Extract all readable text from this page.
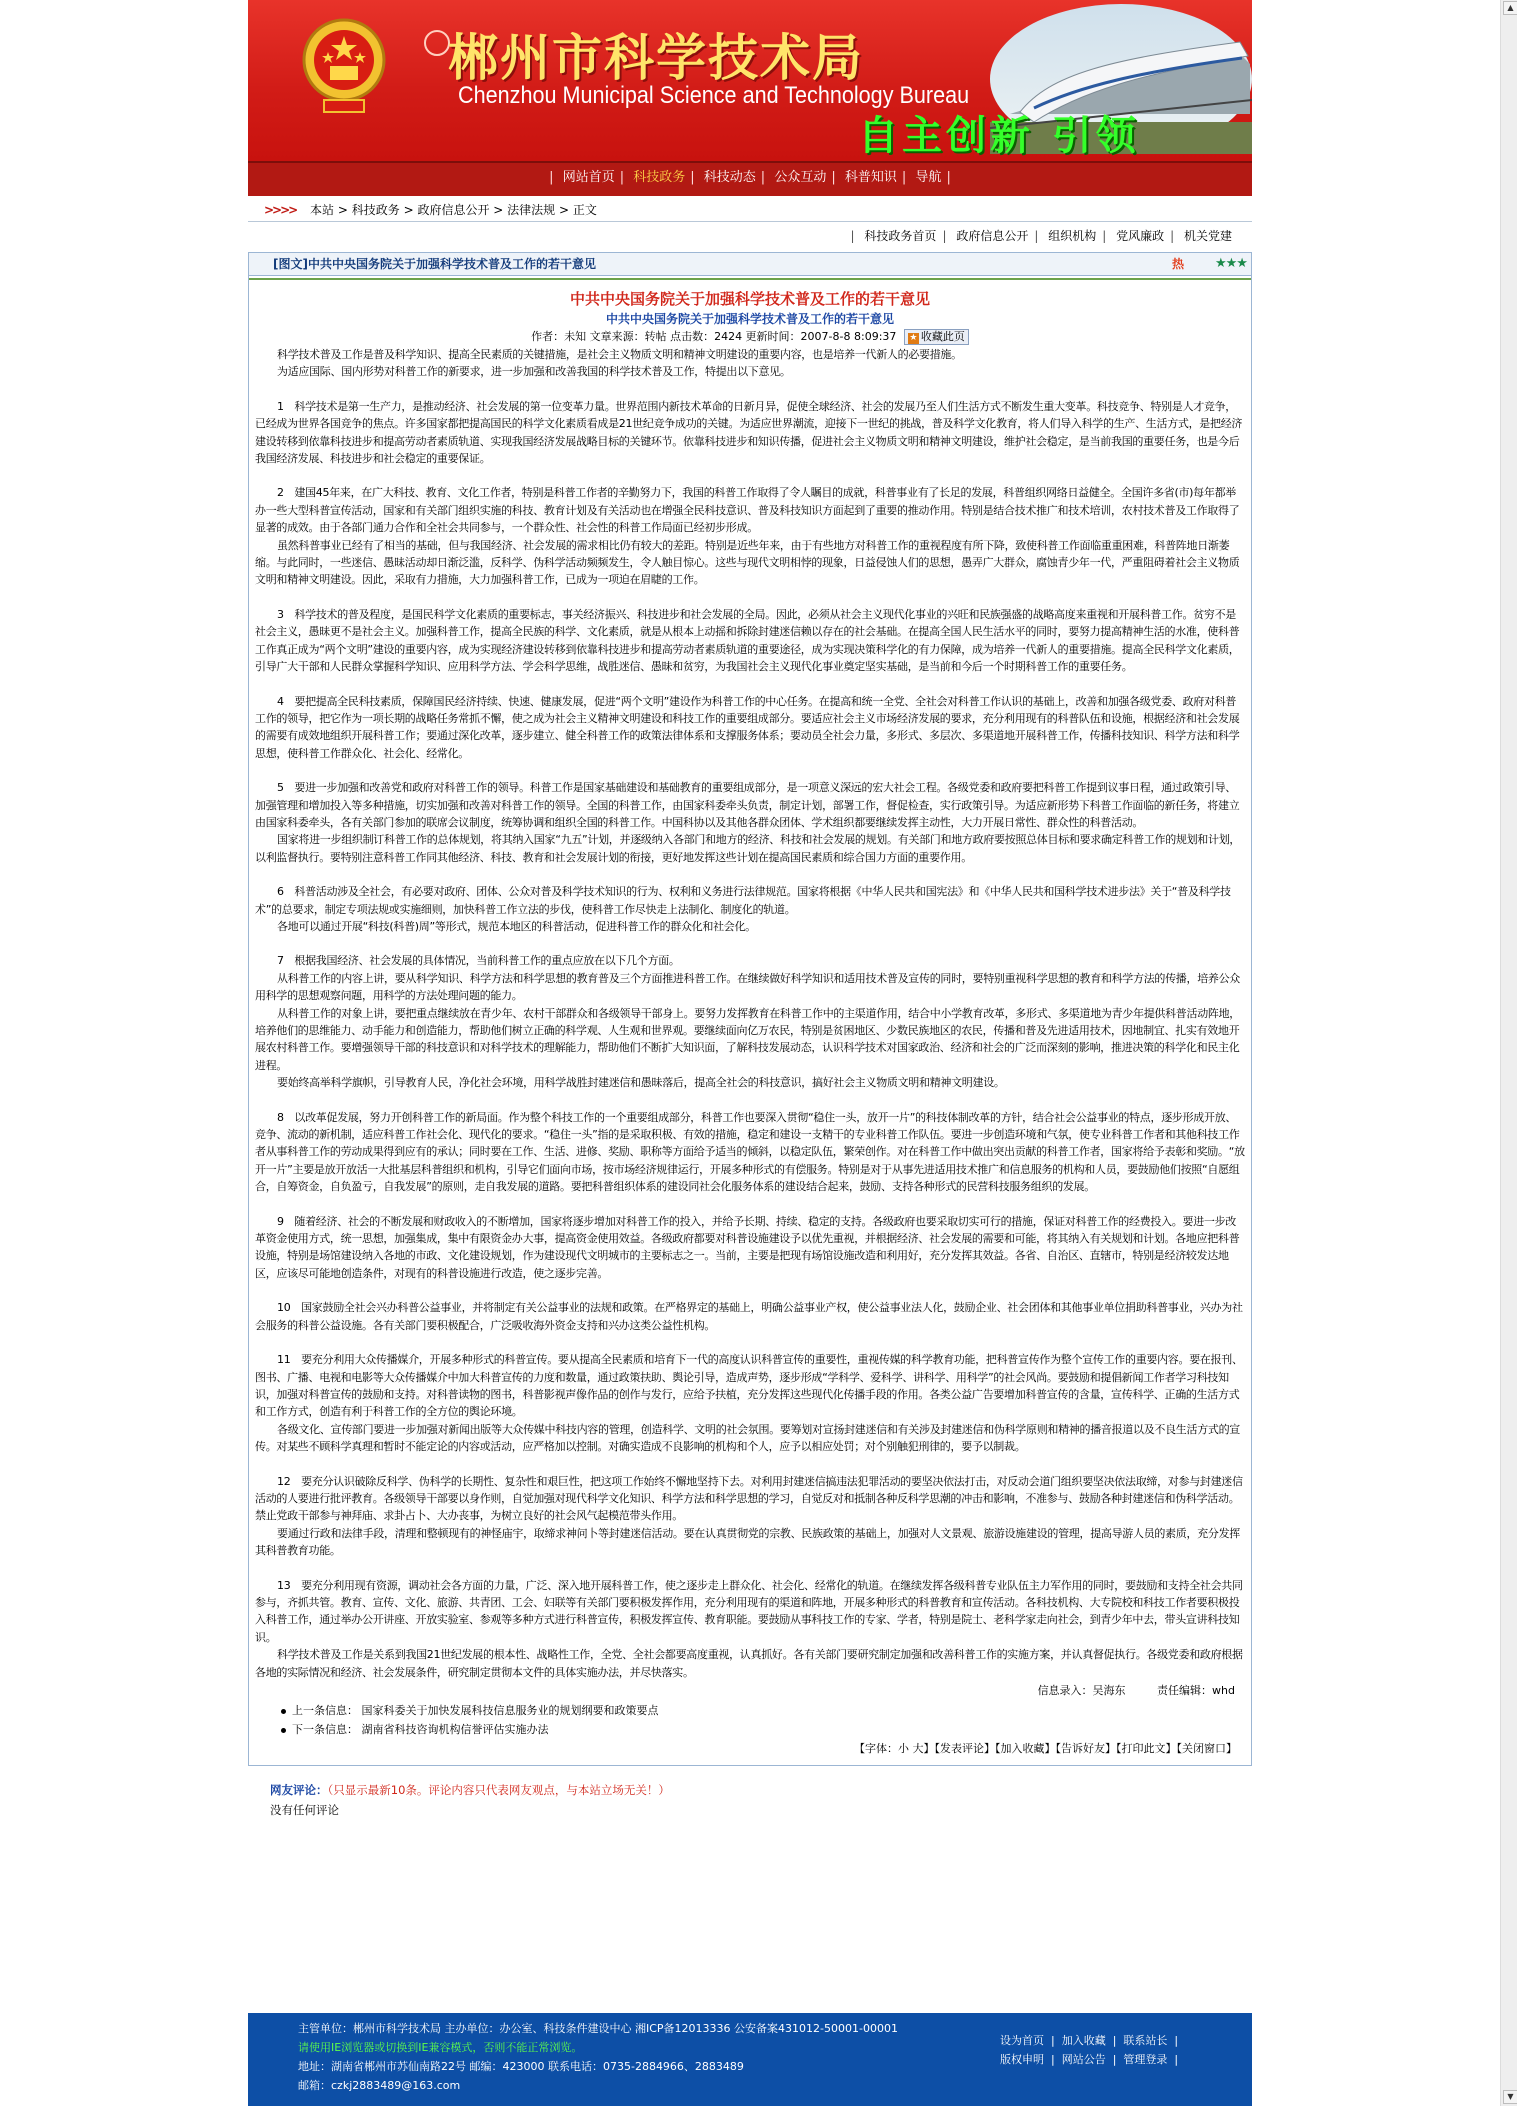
郴州市科学技术局
Chenzhou Municipal Science and Technology Bureau
自主创新 引领
| 网站首页 | 科技政务 | 科技动态 | 公众互动 | 科普知识 | 导航 |
>>>> 本站 > 科技政务 > 政府信息公开 > 法律法规 > 正文
| 科技政务首页 | 政府信息公开 | 组织机构 | 党风廉政 | 机关党建
[图文]中共中央国务院关于加强科学技术普及工作的若干意见	热 ★★★
中共中央国务院关于加强科学技术普及工作的若干意见
中共中央国务院关于加强科学技术普及工作的若干意见
作者：未知 文章来源：转帖 点击数：2424 更新时间：2007-8-8 8:09:37 ★ 收藏此页

科学技术普及工作是普及科学知识、提高全民素质的关键措施，是社会主义物质文明和精神文明建设的重要内容，也是培养一代新人的必要措施。

为适应国际、国内形势对科普工作的新要求，进一步加强和改善我国的科学技术普及工作，特提出以下意见。

1　科学技术是第一生产力，是推动经济、社会发展的第一位变革力量。世界范围内新技术革命的日新月异，促使全球经济、社会的发展乃至人们生活方式不断发生重大变革。科技竞争、特别是人才竞争，已经成为世界各国竞争的焦点。许多国家都把提高国民的科学文化素质看成是21世纪竞争成功的关键。为适应世界潮流，迎接下一世纪的挑战，普及科学文化教育，将人们导入科学的生产、生活方式，是把经济建设转移到依靠科技进步和提高劳动者素质轨道、实现我国经济发展战略目标的关键环节。依靠科技进步和知识传播，促进社会主义物质文明和精神文明建设，维护社会稳定，是当前我国的重要任务，也是今后我国经济发展、科技进步和社会稳定的重要保证。

2　建国45年来，在广大科技、教育、文化工作者，特别是科普工作者的辛勤努力下，我国的科普工作取得了令人瞩目的成就，科普事业有了长足的发展，科普组织网络日益健全。全国许多省(市)每年都举办一些大型科普宣传活动，国家和有关部门组织实施的科技、教育计划及有关活动也在增强全民科技意识、普及科技知识方面起到了重要的推动作用。特别是结合技术推广和技术培训，农村技术普及工作取得了显著的成效。由于各部门通力合作和全社会共同参与，一个群众性、社会性的科普工作局面已经初步形成。

虽然科普事业已经有了相当的基础，但与我国经济、社会发展的需求相比仍有较大的差距。特别是近些年来，由于有些地方对科普工作的重视程度有所下降，致使科普工作面临重重困难，科普阵地日渐萎缩。与此同时，一些迷信、愚昧活动却日渐泛滥，反科学、伪科学活动频频发生，令人触目惊心。这些与现代文明相悖的现象，日益侵蚀人们的思想，愚弄广大群众，腐蚀青少年一代，严重阻碍着社会主义物质文明和精神文明建设。因此，采取有力措施，大力加强科普工作，已成为一项迫在眉睫的工作。

3　科学技术的普及程度，是国民科学文化素质的重要标志，事关经济振兴、科技进步和社会发展的全局。因此，必须从社会主义现代化事业的兴旺和民族强盛的战略高度来重视和开展科普工作。贫穷不是社会主义，愚昧更不是社会主义。加强科普工作，提高全民族的科学、文化素质，就是从根本上动摇和拆除封建迷信赖以存在的社会基础。在提高全国人民生活水平的同时，要努力提高精神生活的水准，使科普工作真正成为“两个文明”建设的重要内容，成为实现经济建设转移到依靠科技进步和提高劳动者素质轨道的重要途径，成为实现决策科学化的有力保障，成为培养一代新人的重要措施。提高全民科学文化素质，引导广大干部和人民群众掌握科学知识、应用科学方法、学会科学思维，战胜迷信、愚昧和贫穷，为我国社会主义现代化事业奠定坚实基础，是当前和今后一个时期科普工作的重要任务。

4　要把提高全民科技素质，保障国民经济持续、快速、健康发展，促进“两个文明”建设作为科普工作的中心任务。在提高和统一全党、全社会对科普工作认识的基础上，改善和加强各级党委、政府对科普工作的领导，把它作为一项长期的战略任务常抓不懈，使之成为社会主义精神文明建设和科技工作的重要组成部分。要适应社会主义市场经济发展的要求，充分利用现有的科普队伍和设施，根据经济和社会发展的需要有成效地组织开展科普工作；要通过深化改革，逐步建立、健全科普工作的政策法律体系和支撑服务体系；要动员全社会力量，多形式、多层次、多渠道地开展科普工作，传播科技知识、科学方法和科学思想，使科普工作群众化、社会化、经常化。

5　要进一步加强和改善党和政府对科普工作的领导。科普工作是国家基础建设和基础教育的重要组成部分，是一项意义深远的宏大社会工程。各级党委和政府要把科普工作提到议事日程，通过政策引导、加强管理和增加投入等多种措施，切实加强和改善对科普工作的领导。全国的科普工作，由国家科委牵头负责，制定计划，部署工作，督促检查，实行政策引导。为适应新形势下科普工作面临的新任务，将建立由国家科委牵头，各有关部门参加的联席会议制度，统筹协调和组织全国的科普工作。中国科协以及其他各群众团体、学术组织都要继续发挥主动性，大力开展日常性、群众性的科普活动。

国家将进一步组织制订科普工作的总体规划，将其纳入国家“九五”计划，并逐级纳入各部门和地方的经济、科技和社会发展的规划。有关部门和地方政府要按照总体目标和要求确定科普工作的规划和计划，以利监督执行。要特别注意科普工作同其他经济、科技、教育和社会发展计划的衔接，更好地发挥这些计划在提高国民素质和综合国力方面的重要作用。

6　科普活动涉及全社会，有必要对政府、团体、公众对普及科学技术知识的行为、权利和义务进行法律规范。国家将根据《中华人民共和国宪法》和《中华人民共和国科学技术进步法》关于“普及科学技术”的总要求，制定专项法规或实施细则，加快科普工作立法的步伐，使科普工作尽快走上法制化、制度化的轨道。

各地可以通过开展“科技(科普)周”等形式，规范本地区的科普活动，促进科普工作的群众化和社会化。

7　根据我国经济、社会发展的具体情况，当前科普工作的重点应放在以下几个方面。

从科普工作的内容上讲，要从科学知识、科学方法和科学思想的教育普及三个方面推进科普工作。在继续做好科学知识和适用技术普及宣传的同时，要特别重视科学思想的教育和科学方法的传播，培养公众用科学的思想观察问题，用科学的方法处理问题的能力。

从科普工作的对象上讲，要把重点继续放在青少年、农村干部群众和各级领导干部身上。要努力发挥教育在科普工作中的主渠道作用，结合中小学教育改革，多形式、多渠道地为青少年提供科普活动阵地，培养他们的思维能力、动手能力和创造能力，帮助他们树立正确的科学观、人生观和世界观。要继续面向亿万农民，特别是贫困地区、少数民族地区的农民，传播和普及先进适用技术，因地制宜、扎实有效地开展农村科普工作。要增强领导干部的科技意识和对科学技术的理解能力，帮助他们不断扩大知识面，了解科技发展动态，认识科学技术对国家政治、经济和社会的广泛而深刻的影响，推进决策的科学化和民主化进程。

要始终高举科学旗帜，引导教育人民，净化社会环境，用科学战胜封建迷信和愚昧落后，提高全社会的科技意识，搞好社会主义物质文明和精神文明建设。

8　以改革促发展，努力开创科普工作的新局面。作为整个科技工作的一个重要组成部分，科普工作也要深入贯彻“稳住一头，放开一片”的科技体制改革的方针，结合社会公益事业的特点，逐步形成开放、竞争、流动的新机制，适应科普工作社会化、现代化的要求。“稳住一头”指的是采取积极、有效的措施，稳定和建设一支精干的专业科普工作队伍。要进一步创造环境和气氛，使专业科普工作者和其他科技工作者从事科普工作的劳动成果得到应有的承认；同时要在工作、生活、进修、奖励、职称等方面给予适当的倾斜，以稳定队伍，繁荣创作。对在科普工作中做出突出贡献的科普工作者，国家将给予表彰和奖励。“放开一片”主要是放开放活一大批基层科普组织和机构，引导它们面向市场，按市场经济规律运行，开展多种形式的有偿服务。特别是对于从事先进适用技术推广和信息服务的机构和人员，要鼓励他们按照“自愿组合，自筹资金，自负盈亏，自我发展”的原则，走自我发展的道路。要把科普组织体系的建设同社会化服务体系的建设结合起来，鼓励、支持各种形式的民营科技服务组织的发展。

9　随着经济、社会的不断发展和财政收入的不断增加，国家将逐步增加对科普工作的投入，并给予长期、持续、稳定的支持。各级政府也要采取切实可行的措施，保证对科普工作的经费投入。要进一步改革资金使用方式，统一思想，加强集成，集中有限资金办大事，提高资金使用效益。各级政府都要对科普设施建设予以优先重视，并根据经济、社会发展的需要和可能，将其纳入有关规划和计划。各地应把科普设施，特别是场馆建设纳入各地的市政、文化建设规划，作为建设现代文明城市的主要标志之一。当前，主要是把现有场馆设施改造和利用好，充分发挥其效益。各省、自治区、直辖市，特别是经济较发达地区，应该尽可能地创造条件，对现有的科普设施进行改造，使之逐步完善。

10　国家鼓励全社会兴办科普公益事业，并将制定有关公益事业的法规和政策。在严格界定的基础上，明确公益事业产权，使公益事业法人化，鼓励企业、社会团体和其他事业单位捐助科普事业，兴办为社会服务的科普公益设施。各有关部门要积极配合，广泛吸收海外资金支持和兴办这类公益性机构。

11　要充分利用大众传播媒介，开展多种形式的科普宣传。要从提高全民素质和培育下一代的高度认识科普宣传的重要性，重视传媒的科学教育功能，把科普宣传作为整个宣传工作的重要内容。要在报刊、图书、广播、电视和电影等大众传播媒介中加大科普宣传的力度和数量，通过政策扶助、舆论引导，造成声势，逐步形成“学科学、爱科学、讲科学、用科学”的社会风尚。要鼓励和提倡新闻工作者学习科技知识，加强对科普宣传的鼓励和支持。对科普读物的图书，科普影视声像作品的创作与发行，应给予扶植，充分发挥这些现代化传播手段的作用。各类公益广告要增加科普宣传的含量，宣传科学、正确的生活方式和工作方式，创造有利于科普工作的全方位的舆论环境。

各级文化、宣传部门要进一步加强对新闻出版等大众传媒中科技内容的管理，创造科学、文明的社会氛围。要筹划对宣扬封建迷信和有关涉及封建迷信和伪科学原则和精神的播音报道以及不良生活方式的宣传。对某些不顾科学真理和暂时不能定论的内容或活动，应严格加以控制。对确实造成不良影响的机构和个人，应予以相应处罚；对个别触犯刑律的，要予以制裁。

12　要充分认识破除反科学、伪科学的长期性、复杂性和艰巨性，把这项工作始终不懈地坚持下去。对利用封建迷信搞违法犯罪活动的要坚决依法打击，对反动会道门组织要坚决依法取缔，对参与封建迷信活动的人要进行批评教育。各级领导干部要以身作则，自觉加强对现代科学文化知识、科学方法和科学思想的学习，自觉反对和抵制各种反科学思潮的冲击和影响，不准参与、鼓励各种封建迷信和伪科学活动。禁止党政干部参与神拜庙、求卦占卜、大办丧事，为树立良好的社会风气起模范带头作用。

要通过行政和法律手段，清理和整顿现有的神怪庙宇，取缔求神问卜等封建迷信活动。要在认真贯彻党的宗教、民族政策的基础上，加强对人文景观、旅游设施建设的管理，提高导游人员的素质，充分发挥其科普教育功能。

13　要充分利用现有资源，调动社会各方面的力量，广泛、深入地开展科普工作，使之逐步走上群众化、社会化、经常化的轨道。在继续发挥各级科普专业队伍主力军作用的同时，要鼓励和支持全社会共同参与，齐抓共管。教育、宣传、文化、旅游、共青团、工会、妇联等有关部门要积极发挥作用，充分利用现有的渠道和阵地，开展多种形式的科普教育和宣传活动。各科技机构、大专院校和科技工作者要积极投入科普工作，通过举办公开讲座、开放实验室、参观等多种方式进行科普宣传，积极发挥宣传、教育职能。要鼓励从事科技工作的专家、学者，特别是院士、老科学家走向社会，到青少年中去，带头宣讲科技知识。

科学技术普及工作是关系到我国21世纪发展的根本性、战略性工作，全党、全社会都要高度重视，认真抓好。各有关部门要研究制定加强和改善科普工作的实施方案，并认真督促执行。各级党委和政府根据各地的实际情况和经济、社会发展条件，研究制定贯彻本文件的具体实施办法，并尽快落实。

信息录入：吴海东	责任编辑：whd
上一条信息： 国家科委关于加快发展科技信息服务业的规划纲要和政策要点
下一条信息： 湖南省科技咨询机构信誉评估实施办法
【字体：小 大】【发表评论】【加入收藏】【告诉好友】【打印此文】【关闭窗口】
网友评论：（只显示最新10条。评论内容只代表网友观点，与本站立场无关！）
没有任何评论
主管单位：郴州市科学技术局 主办单位：办公室、科技条件建设中心 湘ICP备12013336 公安备案431012-50001-00001
请使用IE浏览器或切换到IE兼容模式，否则不能正常浏览。
地址：湖南省郴州市苏仙南路22号 邮编：423000 联系电话：0735-2884966、2883489
邮箱：czkj2883489@163.com
设为首页  |  加入收藏  |  联系站长  |
版权申明  |  网站公告  |  管理登录  |
▲
▼
